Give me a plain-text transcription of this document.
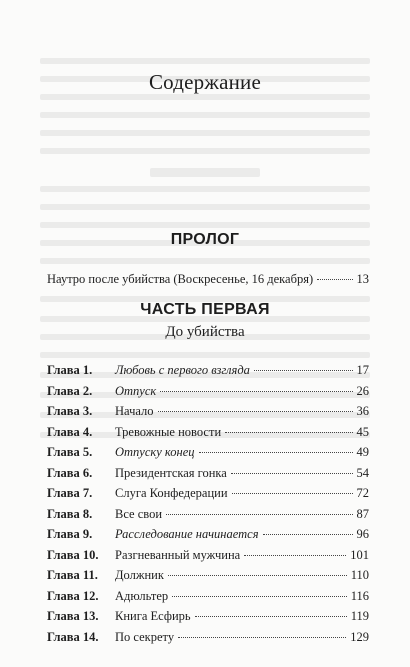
Содержание
ПРОЛОГ
Наутро после убийства (Воскресенье, 16 декабря)	13
ЧАСТЬ ПЕРВАЯ
До убийства
Глава 1.	Любовь с первого взгляда	17
Глава 2.	Отпуск	26
Глава 3.	Начало	36
Глава 4.	Тревожные новости	45
Глава 5.	Отпуску конец	49
Глава 6.	Президентская гонка	54
Глава 7.	Слуга Конфедерации	72
Глава 8.	Все свои	87
Глава 9.	Расследование начинается	96
Глава 10.	Разгневанный мужчина	101
Глава 11.	Должник	110
Глава 12.	Адюльтер	116
Глава 13.	Книга Есфирь	119
Глава 14.	По секрету	129
